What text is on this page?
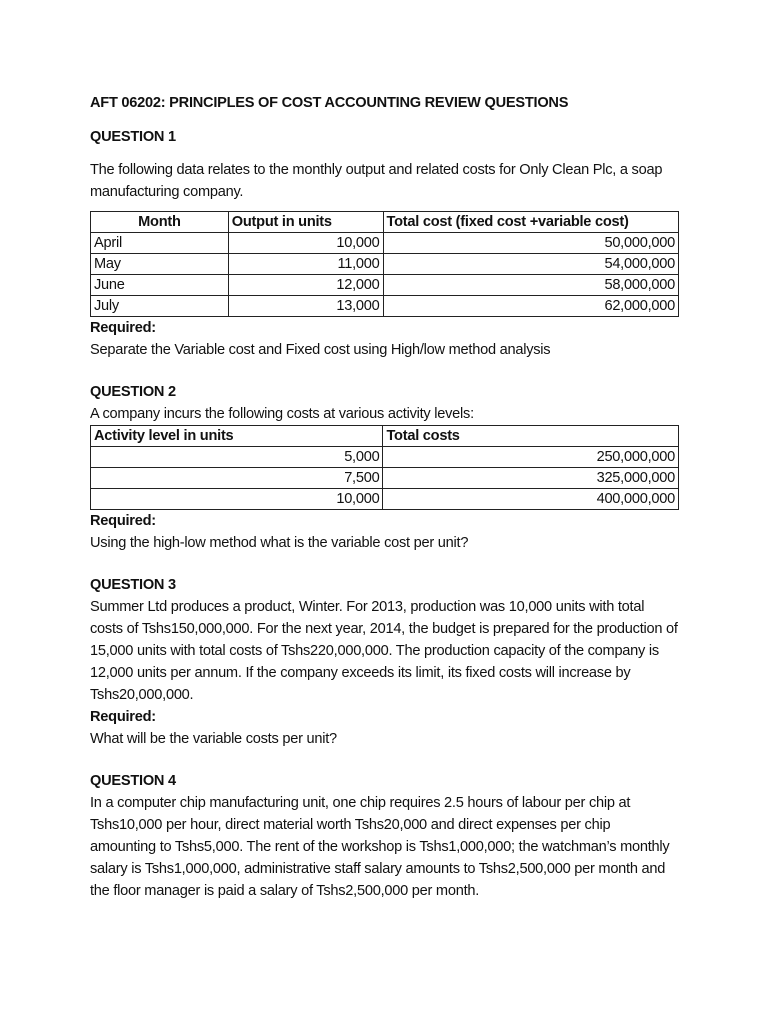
AFT 06202: PRINCIPLES OF COST ACCOUNTING REVIEW QUESTIONS

QUESTION 1

The following data relates to the monthly output and related costs for Only Clean Plc, a soap manufacturing company.

Month	Output in units	Total cost (fixed cost +variable cost)
April	10,000	50,000,000
May	11,000	54,000,000
June	12,000	58,000,000
July	13,000	62,000,000

Required:

Separate the Variable cost and Fixed cost using High/low method analysis

QUESTION 2

A company incurs the following costs at various activity levels:

Activity level in units	Total costs
5,000	250,000,000
7,500	325,000,000
10,000	400,000,000

Required:

Using the high-low method what is the variable cost per unit?

QUESTION 3

Summer Ltd produces a product, Winter. For 2013, production was 10,000 units with total costs of Tshs150,000,000. For the next year, 2014, the budget is prepared for the production of 15,000 units with total costs of Tshs220,000,000. The production capacity of the company is 12,000 units per annum. If the company exceeds its limit, its fixed costs will increase by Tshs20,000,000.

Required:

What will be the variable costs per unit?

QUESTION 4

In a computer chip manufacturing unit, one chip requires 2.5 hours of labour per chip at Tshs10,000 per hour, direct material worth Tshs20,000 and direct expenses per chip amounting to Tshs5,000. The rent of the workshop is Tshs1,000,000; the watchman’s monthly salary is Tshs1,000,000, administrative staff salary amounts to Tshs2,500,000 per month and the floor manager is paid a salary of Tshs2,500,000 per month.
